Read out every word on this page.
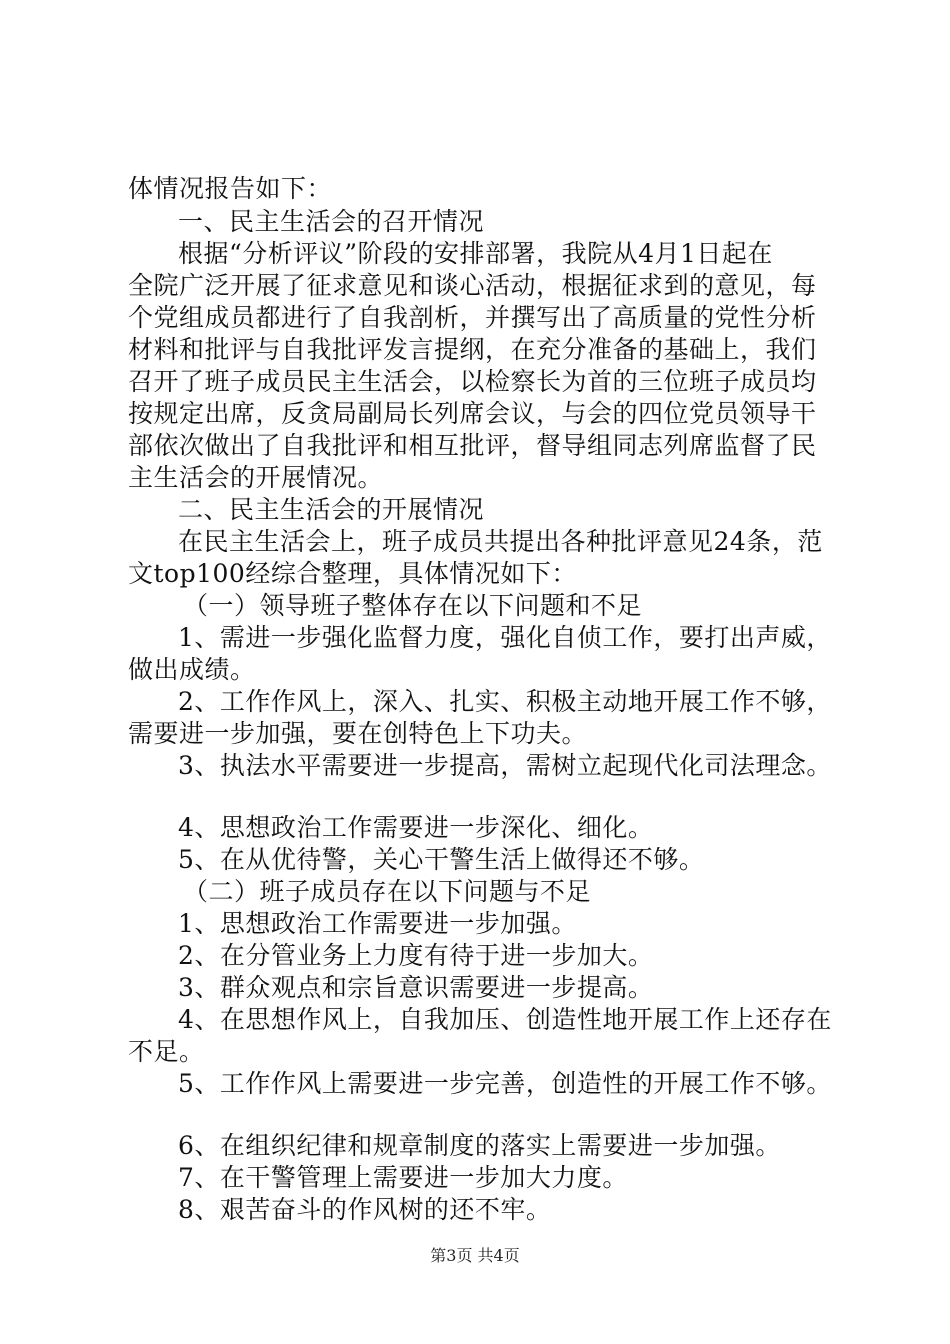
体情况报告如下：
一、民主生活会的召开情况
根据“分析评议”阶段的安排部署，我院从4月1日起在
全院广泛开展了征求意见和谈心活动，根据征求到的意见，每
个党组成员都进行了自我剖析，并撰写出了高质量的党性分析
材料和批评与自我批评发言提纲，在充分准备的基础上，我们
召开了班子成员民主生活会，以检察长为首的三位班子成员均
按规定出席，反贪局副局长列席会议，与会的四位党员领导干
部依次做出了自我批评和相互批评，督导组同志列席监督了民
主生活会的开展情况。
二、民主生活会的开展情况
在民主生活会上，班子成员共提出各种批评意见24条，范
文top100经综合整理，具体情况如下：
（一）领导班子整体存在以下问题和不足
1、需进一步强化监督力度，强化自侦工作，要打出声威，
做出成绩。
2、工作作风上，深入、扎实、积极主动地开展工作不够，
需要进一步加强，要在创特色上下功夫。
3、执法水平需要进一步提高，需树立起现代化司法理念。
4、思想政治工作需要进一步深化、细化。
5、在从优待警，关心干警生活上做得还不够。
（二）班子成员存在以下问题与不足
1、思想政治工作需要进一步加强。
2、在分管业务上力度有待于进一步加大。
3、群众观点和宗旨意识需要进一步提高。
4、在思想作风上，自我加压、创造性地开展工作上还存在
不足。
5、工作作风上需要进一步完善，创造性的开展工作不够。
6、在组织纪律和规章制度的落实上需要进一步加强。
7、在干警管理上需要进一步加大力度。
8、艰苦奋斗的作风树的还不牢。
第3页 共4页
